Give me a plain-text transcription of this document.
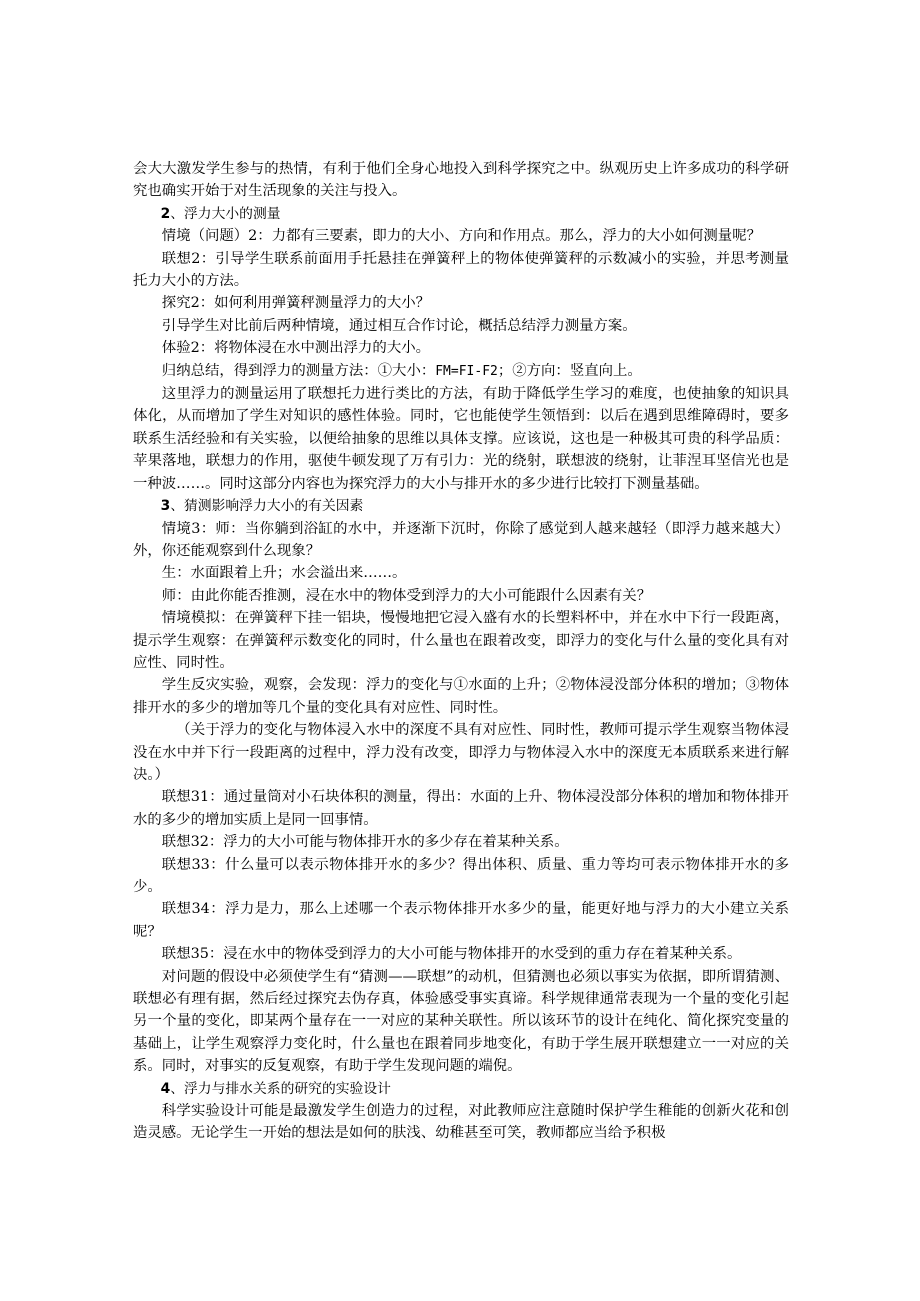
会大大激发学生参与的热情，有利于他们全身心地投入到科学探究之中。纵观历史上许多成功的科学研究也确实开始于对生活现象的关注与投入。

2、浮力大小的测量

情境（问题）2：力都有三要素，即力的大小、方向和作用点。那么，浮力的大小如何测量呢？

联想2：引导学生联系前面用手托悬挂在弹簧秤上的物体使弹簧秤的示数减小的实验，并思考测量托力大小的方法。

探究2：如何利用弹簧秤测量浮力的大小？

引导学生对比前后两种情境，通过相互合作讨论，概括总结浮力测量方案。

体验2：将物体浸在水中测出浮力的大小。

归纳总结，得到浮力的测量方法：①大小：FM=FI-F2；②方向：竖直向上。

这里浮力的测量运用了联想托力进行类比的方法，有助于降低学生学习的难度，也使抽象的知识具体化，从而增加了学生对知识的感性体验。同时，它也能使学生领悟到：以后在遇到思维障碍时，要多联系生活经验和有关实验，以便给抽象的思维以具体支撑。应该说，这也是一种极其可贵的科学品质：苹果落地，联想力的作用，驱使牛顿发现了万有引力：光的绕射，联想波的绕射，让菲涅耳坚信光也是一种波……。同时这部分内容也为探究浮力的大小与排开水的多少进行比较打下测量基础。

3、猜测影响浮力大小的有关因素

情境3：师：当你躺到浴缸的水中，并逐渐下沉时，你除了感觉到人越来越轻（即浮力越来越大）外，你还能观察到什么现象？

生：水面跟着上升；水会溢出来……。

师：由此你能否推测，浸在水中的物体受到浮力的大小可能跟什么因素有关？

情境模拟：在弹簧秤下挂一铝块，慢慢地把它浸入盛有水的长塑料杯中，并在水中下行一段距离，提示学生观察：在弹簧秤示数变化的同时，什么量也在跟着改变，即浮力的变化与什么量的变化具有对应性、同时性。

学生反灾实验，观察，会发现：浮力的变化与①水面的上升；②物体浸没部分体积的增加；③物体排开水的多少的增加等几个量的变化具有对应性、同时性。

（关于浮力的变化与物体浸入水中的深度不具有对应性、同时性，教师可提示学生观察当物体浸没在水中并下行一段距离的过程中，浮力没有改变，即浮力与物体浸入水中的深度无本质联系来进行解决。）

联想31：通过量筒对小石块体积的测量，得出：水面的上升、物体浸没部分体积的增加和物体排开水的多少的增加实质上是同一回事情。

联想32：浮力的大小可能与物体排开水的多少存在着某种关系。

联想33：什么量可以表示物体排开水的多少？得出体积、质量、重力等均可表示物体排开水的多少。

联想34：浮力是力，那么上述哪一个表示物体排开水多少的量，能更好地与浮力的大小建立关系呢？

联想35：浸在水中的物体受到浮力的大小可能与物体排开的水受到的重力存在着某种关系。

对问题的假设中必须使学生有“猜测——联想”的动机，但猜测也必须以事实为依据，即所谓猜测、联想必有理有据，然后经过探究去伪存真，体验感受事实真谛。科学规律通常表现为一个量的变化引起另一个量的变化，即某两个量存在一一对应的某种关联性。所以该环节的设计在纯化、简化探究变量的基础上，让学生观察浮力变化时，什么量也在跟着同步地变化，有助于学生展开联想建立一一对应的关系。同时，对事实的反复观察，有助于学生发现问题的端倪。

4、浮力与排水关系的研究的实验设计

科学实验设计可能是最激发学生创造力的过程，对此教师应注意随时保护学生稚能的创新火花和创造灵感。无论学生一开始的想法是如何的肤浅、幼稚甚至可笑，教师都应当给予积极
